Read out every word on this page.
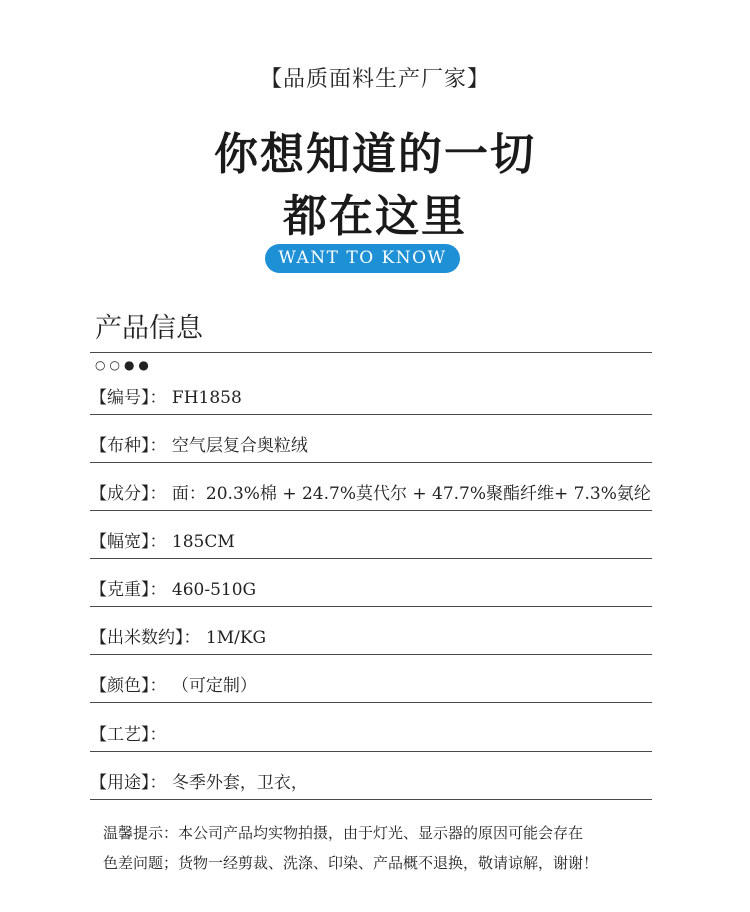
【品质面料生产厂家】
你想知道的一切
都在这里
WANT TO KNOW
产品信息
○○●●
【编号】： FH1858
【布种】： 空气层复合奥粒绒
【成分】： 面：20.3%棉 + 24.7%莫代尔 + 47.7%聚酯纤维+ 7.3%氨纶
【幅宽】： 185CM
【克重】： 460-510G
【出米数约】： 1M/KG
【颜色】： （可定制）
【工艺】：
【用途】： 冬季外套，卫衣，
温馨提示：本公司产品均实物拍摄，由于灯光、显示器的原因可能会存在
色差问题；货物一经剪裁、洗涤、印染、产品概不退换，敬请谅解，谢谢！
